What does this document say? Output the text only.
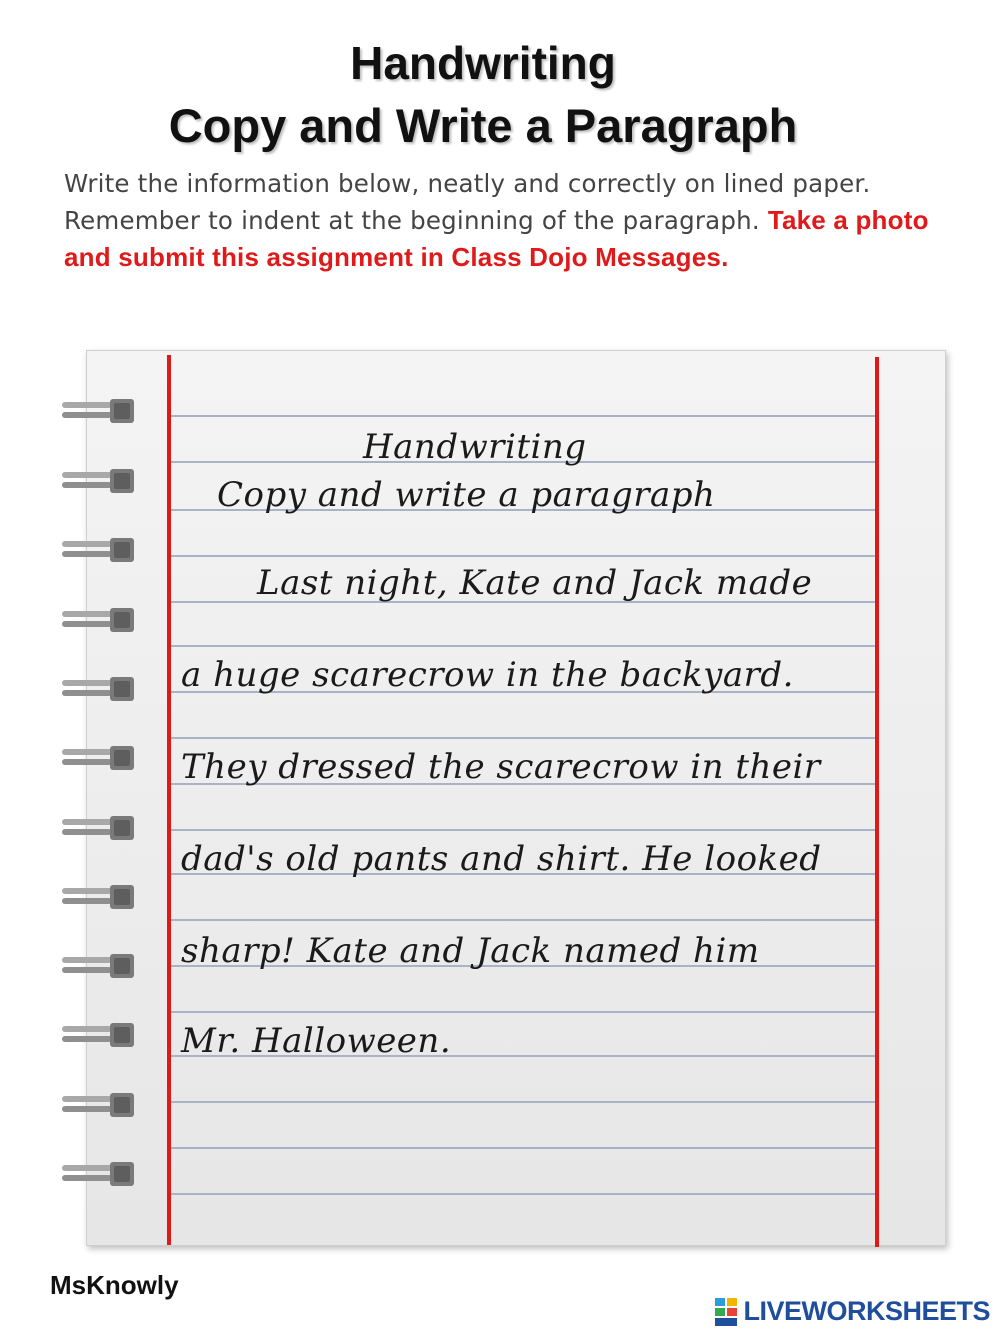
Handwriting
Copy and Write a Paragraph
Write the information below, neatly and correctly on lined paper. Remember to indent at the beginning of the paragraph. Take a photo and submit this assignment in Class Dojo Messages.
Handwriting
Copy and write a paragraph
Last night, Kate and Jack made
a huge scarecrow in the backyard.
They dressed the scarecrow in their
dad's old pants and shirt. He looked
sharp! Kate and Jack named him
Mr. Halloween.
MsKnowly
LIVEWORKSHEETS
